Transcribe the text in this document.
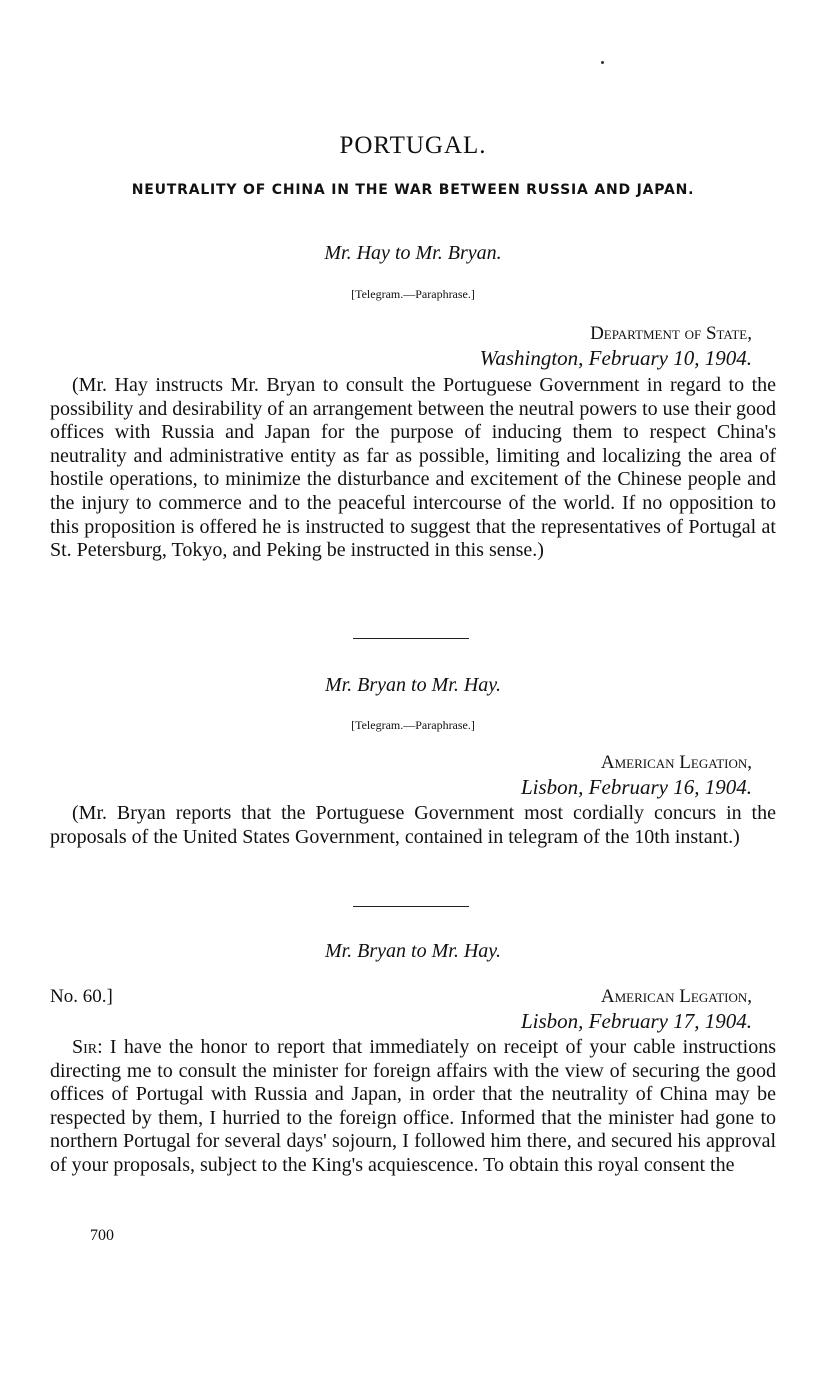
PORTUGAL.
NEUTRALITY OF CHINA IN THE WAR BETWEEN RUSSIA AND JAPAN.
Mr. Hay to Mr. Bryan.
[Telegram.—Paraphrase.]
Department of State,
Washington, February 10, 1904.

(Mr. Hay instructs Mr. Bryan to consult the Portuguese Government in regard to the possibility and desirability of an arrangement between the neutral powers to use their good offices with Russia and Japan for the purpose of inducing them to respect China's neutrality and administrative entity as far as possible, limiting and localizing the area of hostile operations, to minimize the disturbance and excitement of the Chinese people and the injury to commerce and to the peaceful intercourse of the world. If no opposition to this proposition is offered he is instructed to suggest that the representatives of Portugal at St. Petersburg, Tokyo, and Peking be instructed in this sense.)

Mr. Bryan to Mr. Hay.
[Telegram.—Paraphrase.]
American Legation,
Lisbon, February 16, 1904.

(Mr. Bryan reports that the Portuguese Government most cordially concurs in the proposals of the United States Government, contained in telegram of the 10th instant.)

Mr. Bryan to Mr. Hay.
No. 60.]	American Legation,
Lisbon, February 17, 1904.

Sir: I have the honor to report that immediately on receipt of your cable instructions directing me to consult the minister for foreign affairs with the view of securing the good offices of Portugal with Russia and Japan, in order that the neutrality of China may be respected by them, I hurried to the foreign office. Informed that the minister had gone to northern Portugal for several days' sojourn, I followed him there, and secured his approval of your proposals, subject to the King's acquiescence. To obtain this royal consent the

700
